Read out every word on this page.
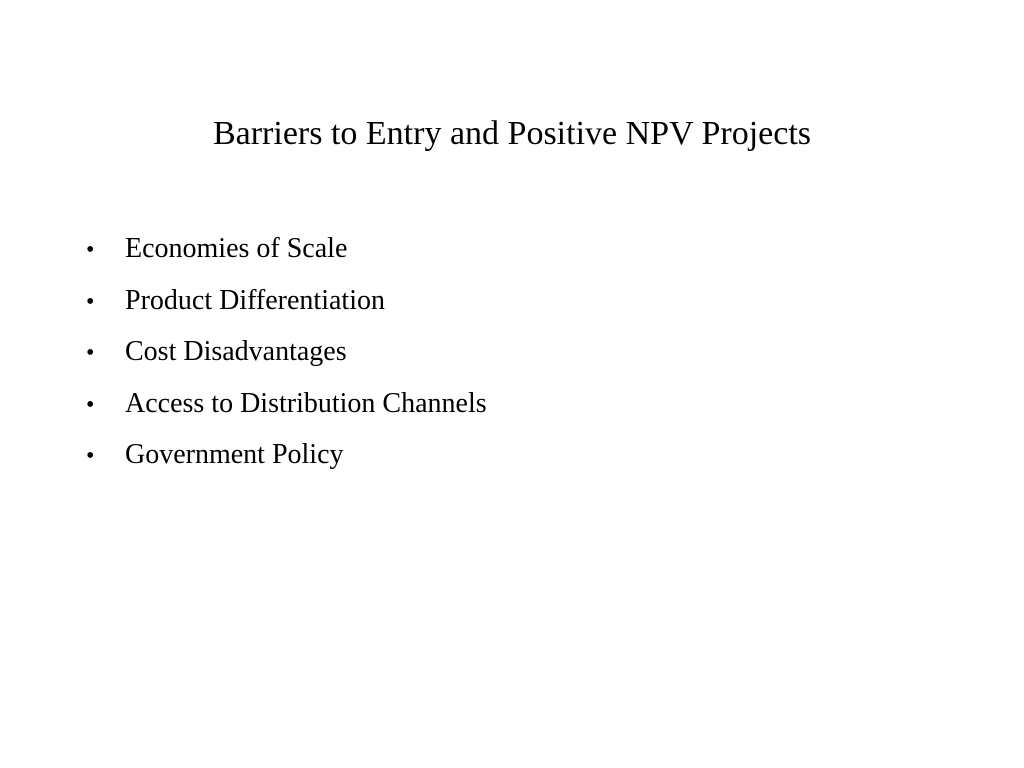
Barriers to Entry and Positive NPV Projects
•	Economies of Scale
•	Product Differentiation
•	Cost Disadvantages
•	Access to Distribution Channels
•	Government Policy
